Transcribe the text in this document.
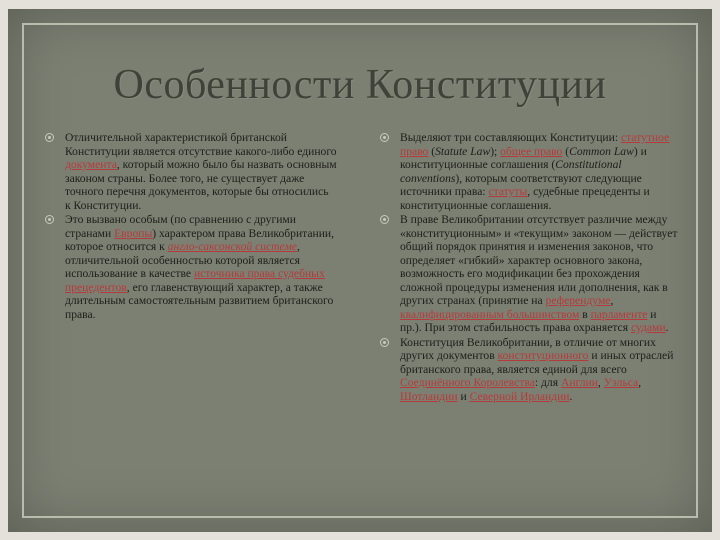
Особенности Конституции
Отличительной характеристикой британской Конституции является отсутствие какого-либо единого документа, который можно было бы назвать основным законом страны. Более того, не существует даже точного перечня документов, которые бы относились к Конституции.
Это вызвано особым (по сравнению с другими странами Европы) характером права Великобритании, которое относится к англо-саксонской системе, отличительной особенностью которой является использование в качестве источника права судебных прецедентов, его главенствующий характер, а также длительным самостоятельным развитием британского права.
Выделяют три составляющих Конституции: статутное право (Statute Law); общее право (Common Law) и конституционные соглашения (Constitutional conventions), которым соответствуют следующие источники права: статуты, судебные прецеденты и конституционные соглашения.
В праве Великобритании отсутствует различие между «конституционным» и «текущим» законом — действует общий порядок принятия и изменения законов, что определяет «гибкий» характер основного закона, возможность его модификации без прохождения сложной процедуры изменения или дополнения, как в других странах (принятие на референдуме, квалифицированным большинством в парламенте и пр.). При этом стабильность права охраняется судами.
Конституция Великобритании, в отличие от многих других документов конституционного и иных отраслей британского права, является единой для всего Соединённого Королевства: для Англии, Уэльса, Шотландии и Северной Ирландии.
